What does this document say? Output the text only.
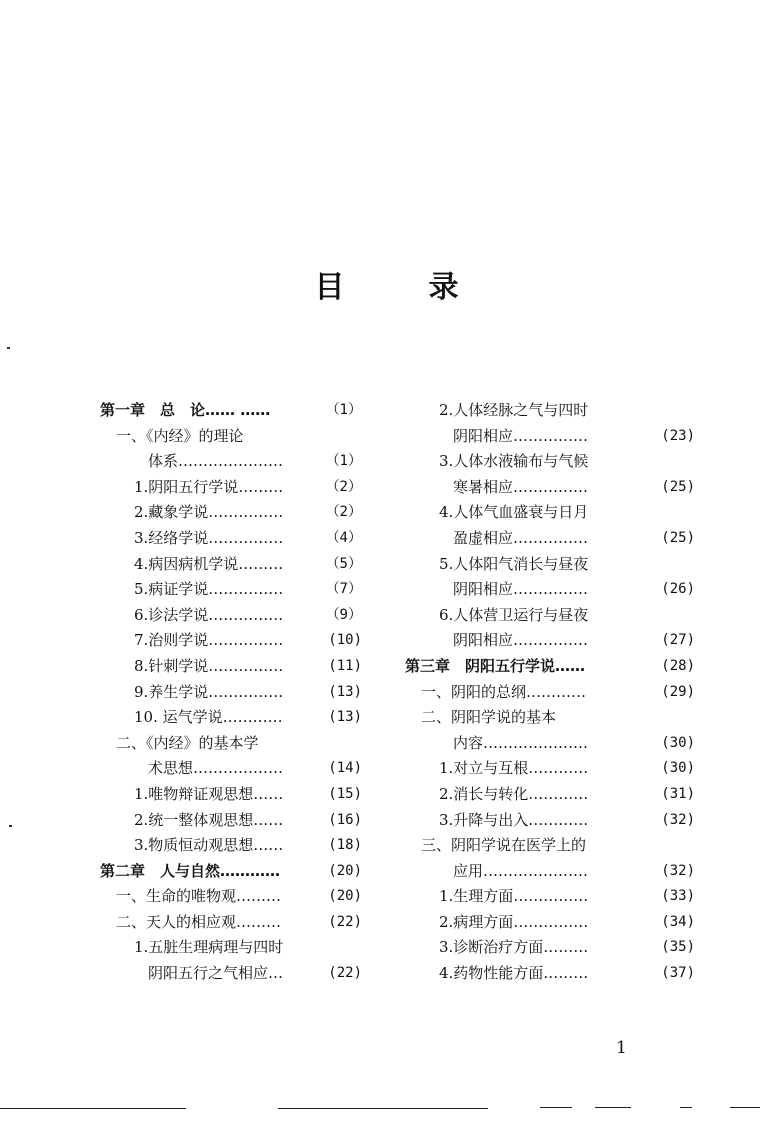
目	录
第一章　总　论…… ……	（1）
一、《内经》的理论
体系…………………	（1）
1.阴阳五行学说………	（2）
2.藏象学说……………	（2）
3.经络学说……………	（4）
4.病因病机学说………	（5）
5.病证学说……………	（7）
6.诊法学说……………	（9）
7.治则学说……………	(10)
8.针刺学说……………	(11)
9.养生学说……………	(13)
10. 运气学说…………	(13)
二、《内经》的基本学
术思想………………	(14)
1.唯物辩证观思想……	(15)
2.统一整体观思想……	(16)
3.物质恒动观思想……	(18)
第二章　人与自然…………	(20)
一、生命的唯物观………	(20)
二、天人的相应观………	(22)
1.五脏生理病理与四时
阴阳五行之气相应…	(22)
2.人体经脉之气与四时
阴阳相应……………	(23)
3.人体水液输布与气候
寒暑相应……………	(25)
4.人体气血盛衰与日月
盈虚相应……………	(25)
5.人体阳气消长与昼夜
阴阳相应……………	(26)
6.人体营卫运行与昼夜
阴阳相应……………	(27)
第三章　阴阳五行学说……	(28)
一、阴阳的总纲…………	(29)
二、阴阳学说的基本
内容…………………	(30)
1.对立与互根…………	(30)
2.消长与转化…………	(31)
3.升降与出入…………	(32)
三、阴阳学说在医学上的
应用…………………	(32)
1.生理方面……………	(33)
2.病理方面……………	(34)
3.诊断治疗方面………	(35)
4.药物性能方面………	(37)
1
